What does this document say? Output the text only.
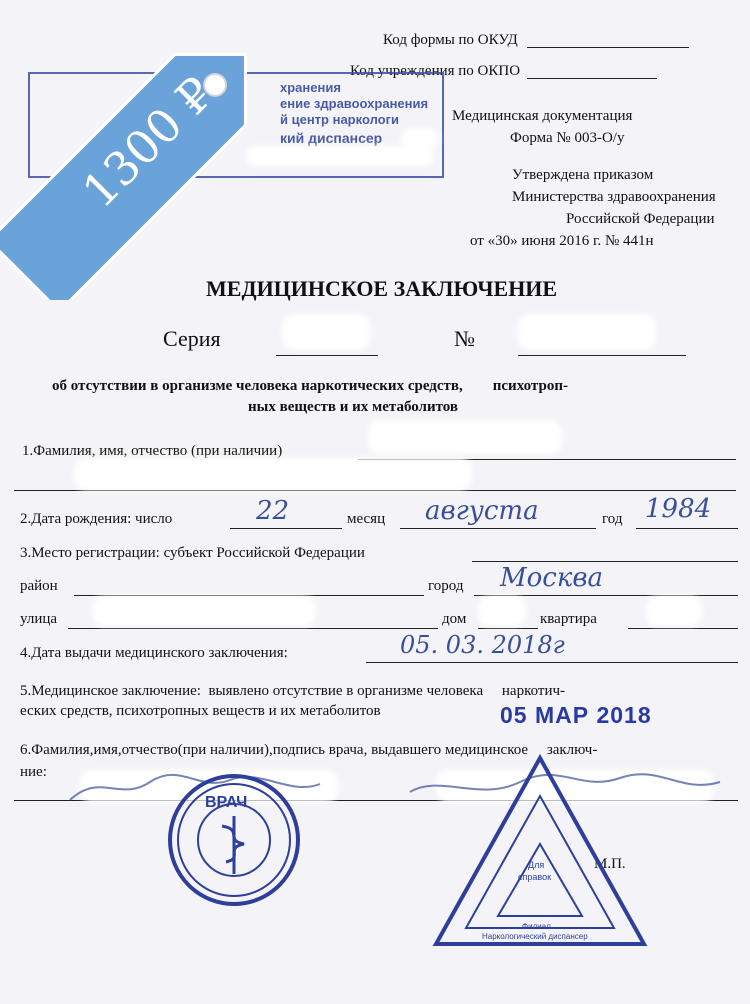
Код формы по ОКУД
Код учреждения по ОКПО
Медицинская документация
Форма № 003-О/у
Утверждена приказом
Министерства здравоохранения
Российской Федерации
от «30» июня 2016 г. № 441н
хранения
ение здравоохранения
й центр наркологи
кий диспансер
1300 ₽
МЕДИЦИНСКОЕ ЗАКЛЮЧЕНИЕ
Серия	№
об отсутствии в организме человека наркотических средств,        психотроп-
ных веществ и их метаболитов
1.Фамилия, имя, отчество (при наличии)
2.Дата рождения: число	22	месяц августа	год 1984
3.Место регистрации: субъект Российской Федерации
район	город Москва
улица	дом	квартира
4.Дата выдачи медицинского заключения:	05. 03. 2018г
5.Медицинское заключение:  выявлено отсутствие в организме человека     наркотич-
еских средств, психотропных веществ и их метаболитов	05 МАР 2018
6.Фамилия,имя,отчество(при наличии),подпись врача, выдавшего медицинское     заключ-
ние:
М.П.
ВРАЧ
Для
справок
Филиал
Наркологический диспансер
